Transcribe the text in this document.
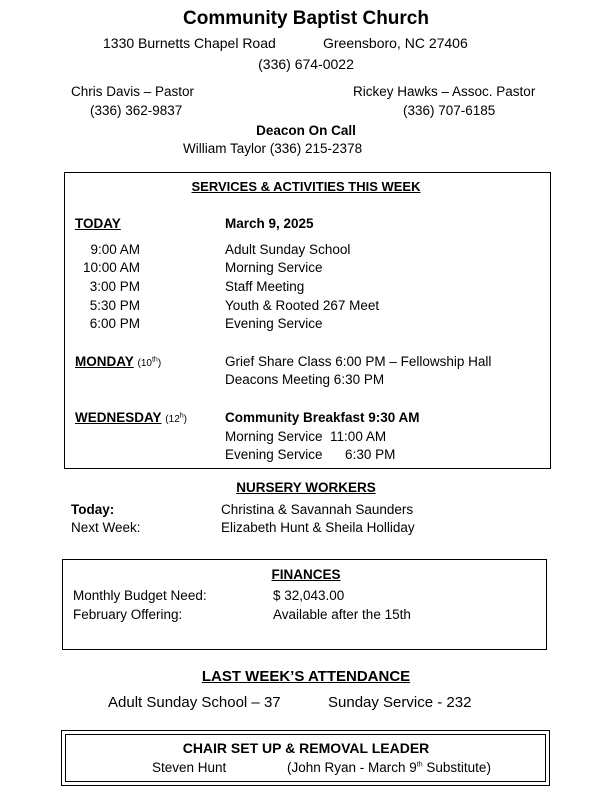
Community Baptist Church
1330 Burnetts Chapel Road	Greensboro, NC 27406
(336) 674-0022
Chris Davis – Pastor
(336) 362-9837
Rickey Hawks – Assoc. Pastor
(336) 707-6185
Deacon On Call
William Taylor (336) 215-2378
SERVICES & ACTIVITIES THIS WEEK
TODAY	March 9, 2025
9:00 AM	Adult Sunday School
10:00 AM	Morning Service
3:00 PM	Staff Meeting
5:30 PM	Youth & Rooted 267 Meet
6:00 PM	Evening Service
MONDAY (10th)	Grief Share Class 6:00 PM – Fellowship Hall
Deacons Meeting 6:30 PM
WEDNESDAY (12$^h$)	Community Breakfast 9:30 AM
Morning Service  11:00 AM
Evening Service      6:30 PM
NURSERY WORKERS
Today:	Christina & Savannah Saunders
Next Week:	Elizabeth Hunt & Sheila Holliday
FINANCES
Monthly Budget Need:	$ 32,043.00
February Offering:	Available after the 15th
LAST WEEK’S ATTENDANCE
Adult Sunday School – 37	Sunday Service - 232
CHAIR SET UP & REMOVAL LEADER
Steven Hunt	(John Ryan - March 9th Substitute)
